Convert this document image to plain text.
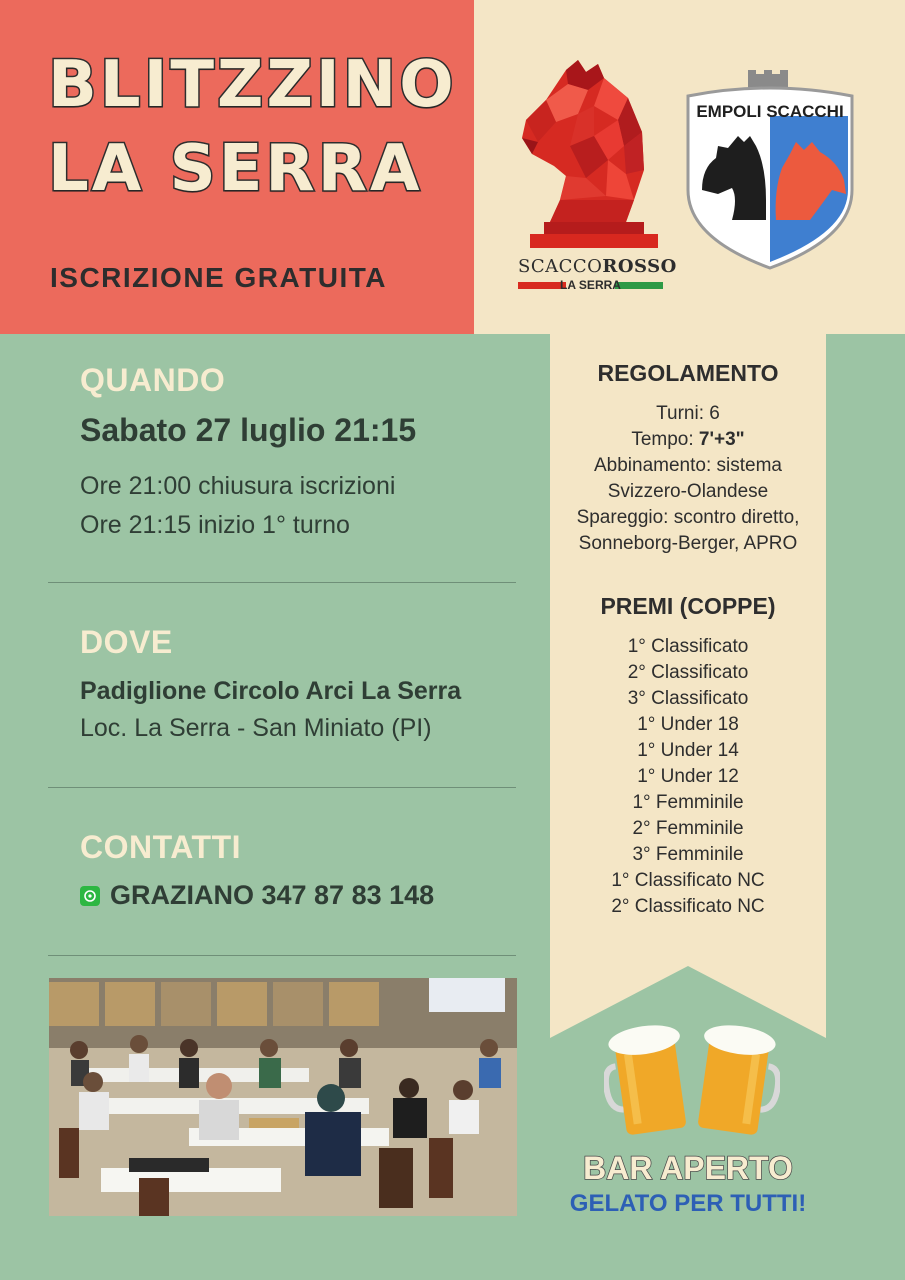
BLITZZINO
LA SERRA
ISCRIZIONE GRATUITA	SCACCOROSSO
LA SERRA
EMPOLI SCACCHI
QUANDO
Sabato 27 luglio 21:15
Ore 21:00 chiusura iscrizioni
Ore 21:15 inizio 1° turno
DOVE
Padiglione Circolo Arci La Serra
Loc. La Serra - San Miniato (PI)
CONTATTI
GRAZIANO 347 87 83 148
REGOLAMENTO
Turni: 6
Tempo: 7'+3"
Abbinamento: sistema
Svizzero-Olandese
Spareggio: scontro diretto,
Sonneborg-Berger, APRO
PREMI (COPPE)
1° Classificato
2° Classificato
3° Classificato
1° Under 18
1° Under 14
1° Under 12
1° Femminile
2° Femminile
3° Femminile
1° Classificato NC
2° Classificato NC
BAR APERTO
GELATO PER TUTTI!
